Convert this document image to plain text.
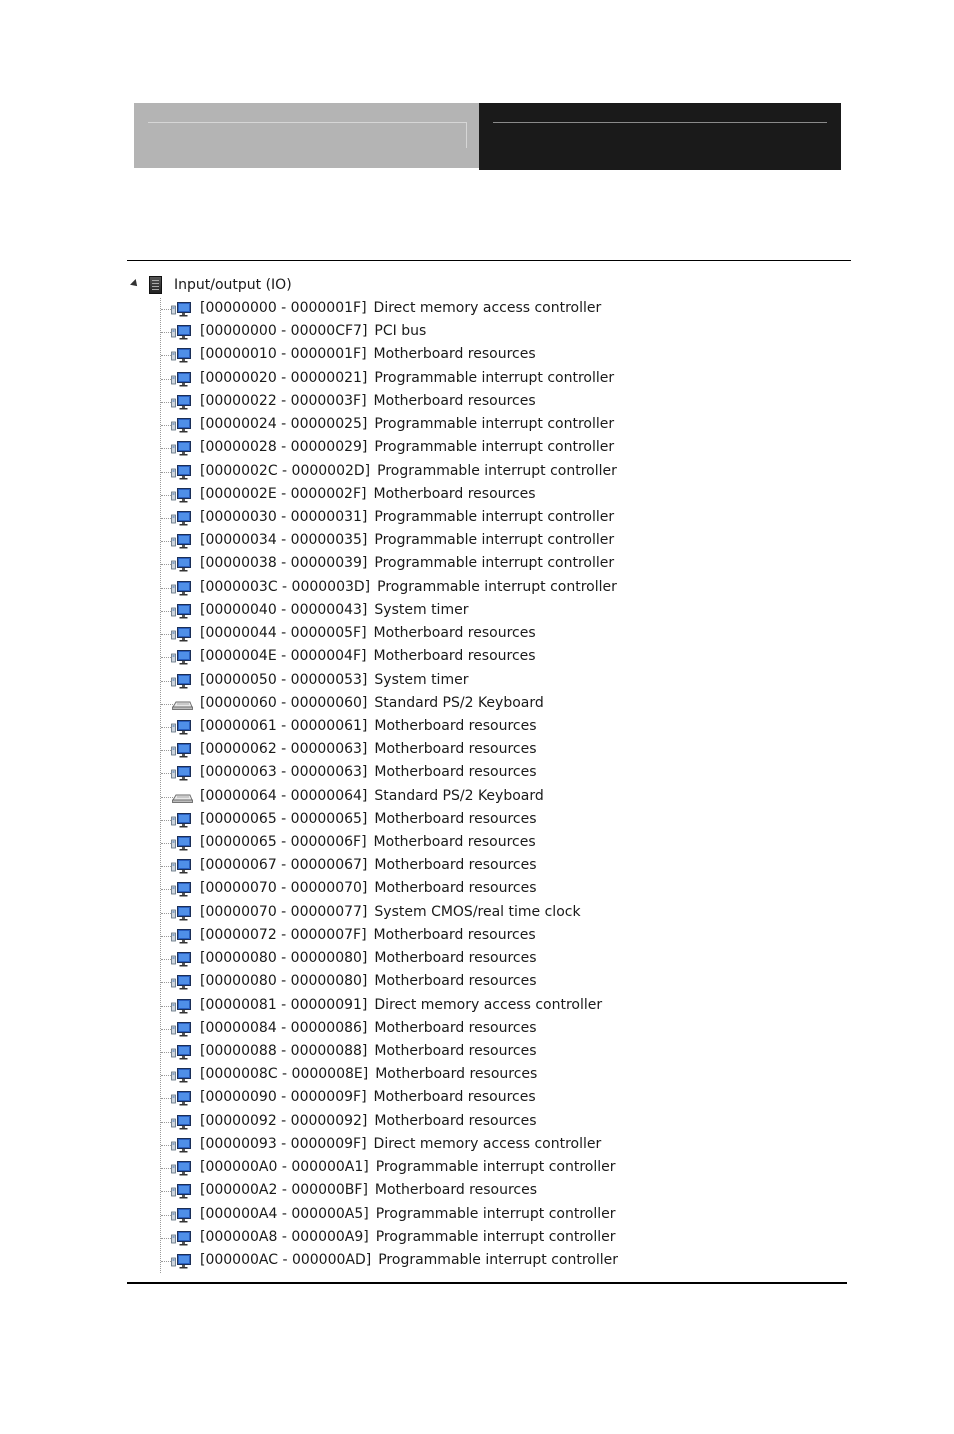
Input/output (IO)
[00000000 - 0000001F] Direct memory access controller
[00000000 - 00000CF7] PCI bus
[00000010 - 0000001F] Motherboard resources
[00000020 - 00000021] Programmable interrupt controller
[00000022 - 0000003F] Motherboard resources
[00000024 - 00000025] Programmable interrupt controller
[00000028 - 00000029] Programmable interrupt controller
[0000002C - 0000002D] Programmable interrupt controller
[0000002E - 0000002F] Motherboard resources
[00000030 - 00000031] Programmable interrupt controller
[00000034 - 00000035] Programmable interrupt controller
[00000038 - 00000039] Programmable interrupt controller
[0000003C - 0000003D] Programmable interrupt controller
[00000040 - 00000043] System timer
[00000044 - 0000005F] Motherboard resources
[0000004E - 0000004F] Motherboard resources
[00000050 - 00000053] System timer
[00000060 - 00000060] Standard PS/2 Keyboard
[00000061 - 00000061] Motherboard resources
[00000062 - 00000063] Motherboard resources
[00000063 - 00000063] Motherboard resources
[00000064 - 00000064] Standard PS/2 Keyboard
[00000065 - 00000065] Motherboard resources
[00000065 - 0000006F] Motherboard resources
[00000067 - 00000067] Motherboard resources
[00000070 - 00000070] Motherboard resources
[00000070 - 00000077] System CMOS/real time clock
[00000072 - 0000007F] Motherboard resources
[00000080 - 00000080] Motherboard resources
[00000080 - 00000080] Motherboard resources
[00000081 - 00000091] Direct memory access controller
[00000084 - 00000086] Motherboard resources
[00000088 - 00000088] Motherboard resources
[0000008C - 0000008E] Motherboard resources
[00000090 - 0000009F] Motherboard resources
[00000092 - 00000092] Motherboard resources
[00000093 - 0000009F] Direct memory access controller
[000000A0 - 000000A1] Programmable interrupt controller
[000000A2 - 000000BF] Motherboard resources
[000000A4 - 000000A5] Programmable interrupt controller
[000000A8 - 000000A9] Programmable interrupt controller
[000000AC - 000000AD] Programmable interrupt controller
